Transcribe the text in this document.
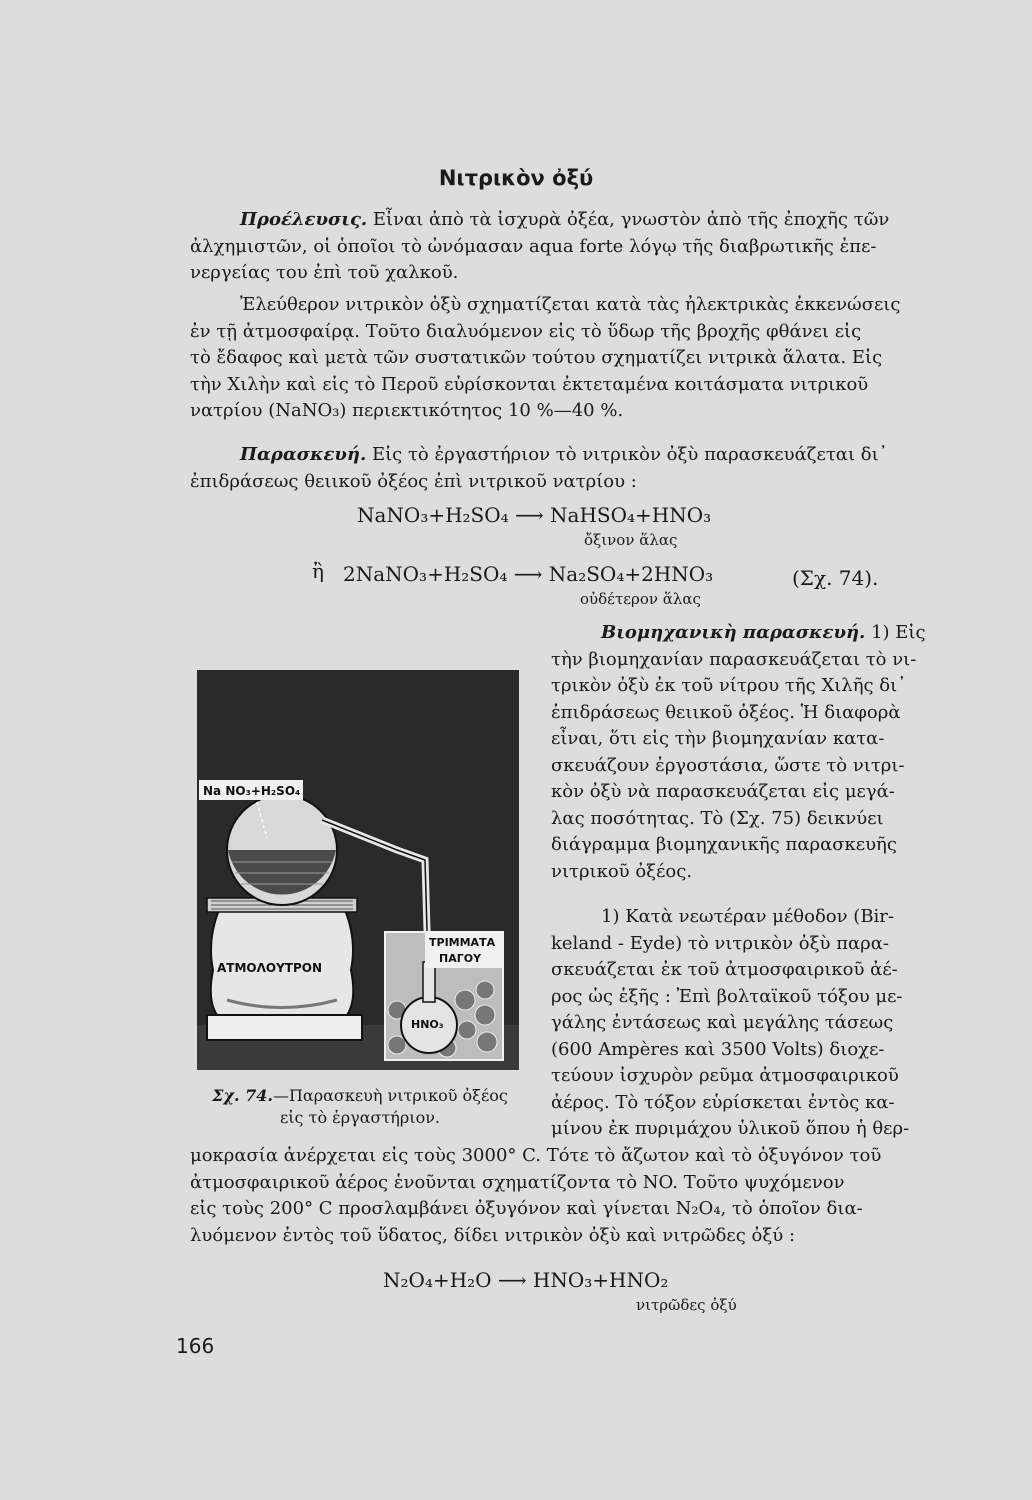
Νιτρικὸν ὀξύ
Προέλευσις. Εἶναι ἀπὸ τὰ ἰσχυρὰ ὀξέα, γνωστὸν ἀπὸ τῆς ἐποχῆς τῶν
ἀλχημιστῶν, οἱ ὁποῖοι τὸ ὠνόμασαν aqua forte λόγῳ τῆς διαβρωτικῆς ἐπε-
νεργείας του ἐπὶ τοῦ χαλκοῦ.
Ἐλεύθερον νιτρικὸν ὀξὺ σχηματίζεται κατὰ τὰς ἠλεκτρικὰς ἐκκενώσεις
ἐν τῇ ἀτμοσφαίρᾳ. Τοῦτο διαλυόμενον εἰς τὸ ὕδωρ τῆς βροχῆς φθάνει εἰς
τὸ ἔδαφος καὶ μετὰ τῶν συστατικῶν τούτου σχηματίζει νιτρικὰ ἅλατα. Εἰς
τὴν Χιλὴν καὶ εἰς τὸ Περοῦ εὑρίσκονται ἐκτεταμένα κοιτάσματα νιτρικοῦ
νατρίου (NaNO₃) περιεκτικότητος 10 %—40 %.
Παρασκευή. Εἰς τὸ ἐργαστήριον τὸ νιτρικὸν ὀξὺ παρασκευάζεται δι᾿
ἐπιδράσεως θειικοῦ ὀξέος ἐπὶ νιτρικοῦ νατρίου :
NaNO₃+H₂SO₄ ⟶ NaHSO₄+HNO₃
ὄξινον ἅλας
ἢ 2NaNO₃+H₂SO₄ ⟶ Na₂SO₄+2HNO₃	(Σχ. 74).
οὐδέτερον ἅλας
Βιομηχανικὴ παρασκευή. 1) Εἰς
τὴν βιομηχανίαν παρασκευάζεται τὸ νι-
τρικὸν ὀξὺ ἐκ τοῦ νίτρου τῆς Χιλῆς δι᾿
ἐπιδράσεως θειικοῦ ὀξέος. Ἡ διαφορὰ
εἶναι, ὅτι εἰς τὴν βιομηχανίαν κατα-
σκευάζουν ἐργοστάσια, ὥστε τὸ νιτρι-
κὸν ὀξὺ νὰ παρασκευάζεται εἰς μεγά-
λας ποσότητας. Τὸ (Σχ. 75) δεικνύει
διάγραμμα βιομηχανικῆς παρασκευῆς
νιτρικοῦ ὀξέος.
1) Κατὰ νεωτέραν μέθοδον (Bir-
keland - Eyde) τὸ νιτρικὸν ὀξὺ παρα-
σκευάζεται ἐκ τοῦ ἀτμοσφαιρικοῦ ἀέ-
ρος ὡς ἑξῆς : Ἐπὶ βολταϊκοῦ τόξου με-
γάλης ἐντάσεως καὶ μεγάλης τάσεως
(600 Ampères καὶ 3500 Volts) διοχε-
τεύουν ἰσχυρὸν ρεῦμα ἀτμοσφαιρικοῦ
ἀέρος. Τὸ τόξον εὑρίσκεται ἐντὸς κα-
μίνου ἐκ πυριμάχου ὑλικοῦ ὅπου ἡ θερ-
μοκρασία ἀνέρχεται εἰς τοὺς 3000° C. Τότε τὸ ἄζωτον καὶ τὸ ὀξυγόνον τοῦ
ἀτμοσφαιρικοῦ ἀέρος ἑνοῦνται σχηματίζοντα τὸ NO. Τοῦτο ψυχόμενον
εἰς τοὺς 200° C προσλαμβάνει ὀξυγόνον καὶ γίνεται N₂O₄, τὸ ὁποῖον δια-
λυόμενον ἐντὸς τοῦ ὕδατος, δίδει νιτρικὸν ὀξὺ καὶ νιτρῶδες ὀξύ :
N₂O₄+H₂O ⟶ HNO₃+HNO₂
νιτρῶδες ὀξύ
Na NO₃+H₂SO₄
ΑΤΜΟΛΟΥΤΡΟΝ
HNO₃
ΤΡΙΜΜΑΤΑ
ΠΑΓΟΥ
Σχ. 74.—Παρασκευὴ νιτρικοῦ ὀξέος
εἰς τὸ ἐργαστήριον.
166
